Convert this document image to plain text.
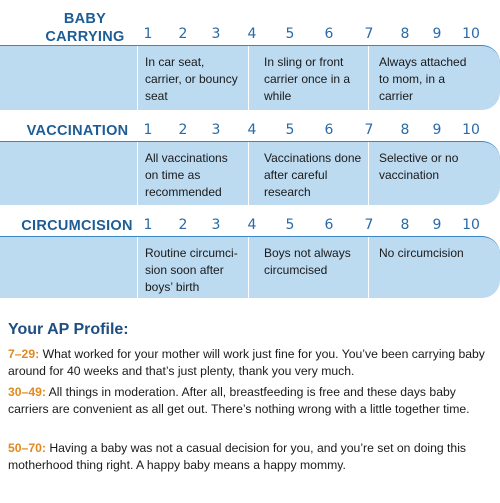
BABY
CARRYING	1	2	3	4	5	6	7	8	9	10
In car seat, carrier, or bouncy seat
In sling or front carrier once in a while
Always attached to mom, in a carrier
VACCINATION	1	2	3	4	5	6	7	8	9	10
All vaccinations on time as recommended
Vaccinations done after careful research
Selective or no vaccination
CIRCUMCISION 1	2	3	4	5	6	7	8	9	10
Routine circumci-sion soon after boys’ birth
Boys not always circumcised
No circumcision
Your AP Profile:
7–29: What worked for your mother will work just fine for you. You’ve been carrying baby around for 40 weeks and that’s just plenty, thank you very much.
30–49: All things in moderation. After all, breastfeeding is free and these days baby carriers are convenient as all get out. There’s nothing wrong with a little together time.
50–70: Having a baby was not a casual decision for you, and you’re set on doing this motherhood thing right. A happy baby means a happy mommy.
